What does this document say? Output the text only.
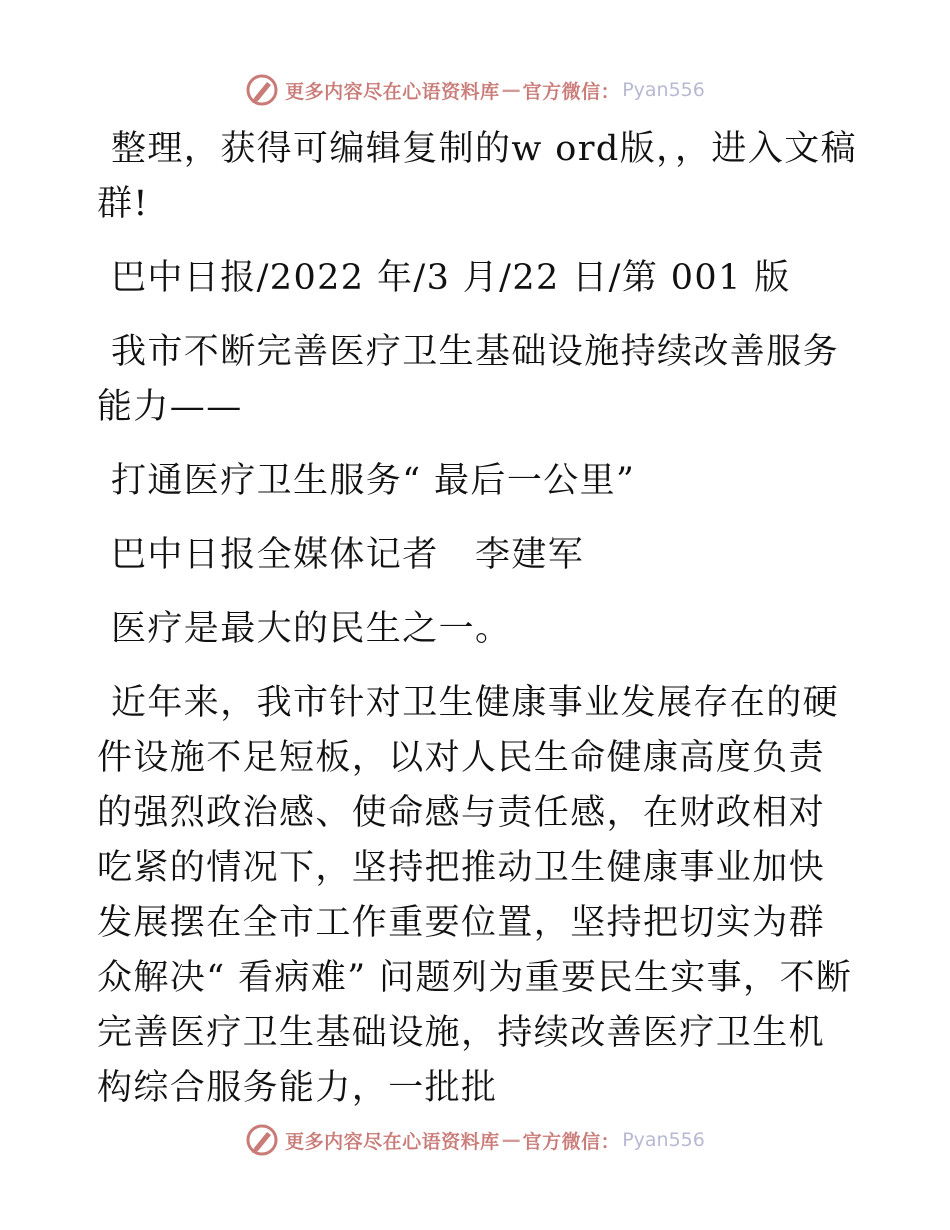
更多内容尽在心语资料库 — 官方微信： Pyan556

整理，获得可编辑复制的w ord版，，进入文稿群!

巴中日报/2022 年/3 月/22 日/第 001 版

我市不断完善医疗卫生基础设施持续改善服务能力——

打通医疗卫生服务“ 最后一公里”

巴中日报全媒体记者　李建军

医疗是最大的民生之一。

近年来，我市针对卫生健康事业发展存在的硬件设施不足短板，以对人民生命健康高度负责的强烈政治感、使命感与责任感，在财政相对吃紧的情况下，坚持把推动卫生健康事业加快发展摆在全市工作重要位置，坚持把切实为群众解决“ 看病难” 问题列为重要民生实事，不断完善医疗卫生基础设施，持续改善医疗卫生机构综合服务能力，一批批

更多内容尽在心语资料库 — 官方微信： Pyan556
